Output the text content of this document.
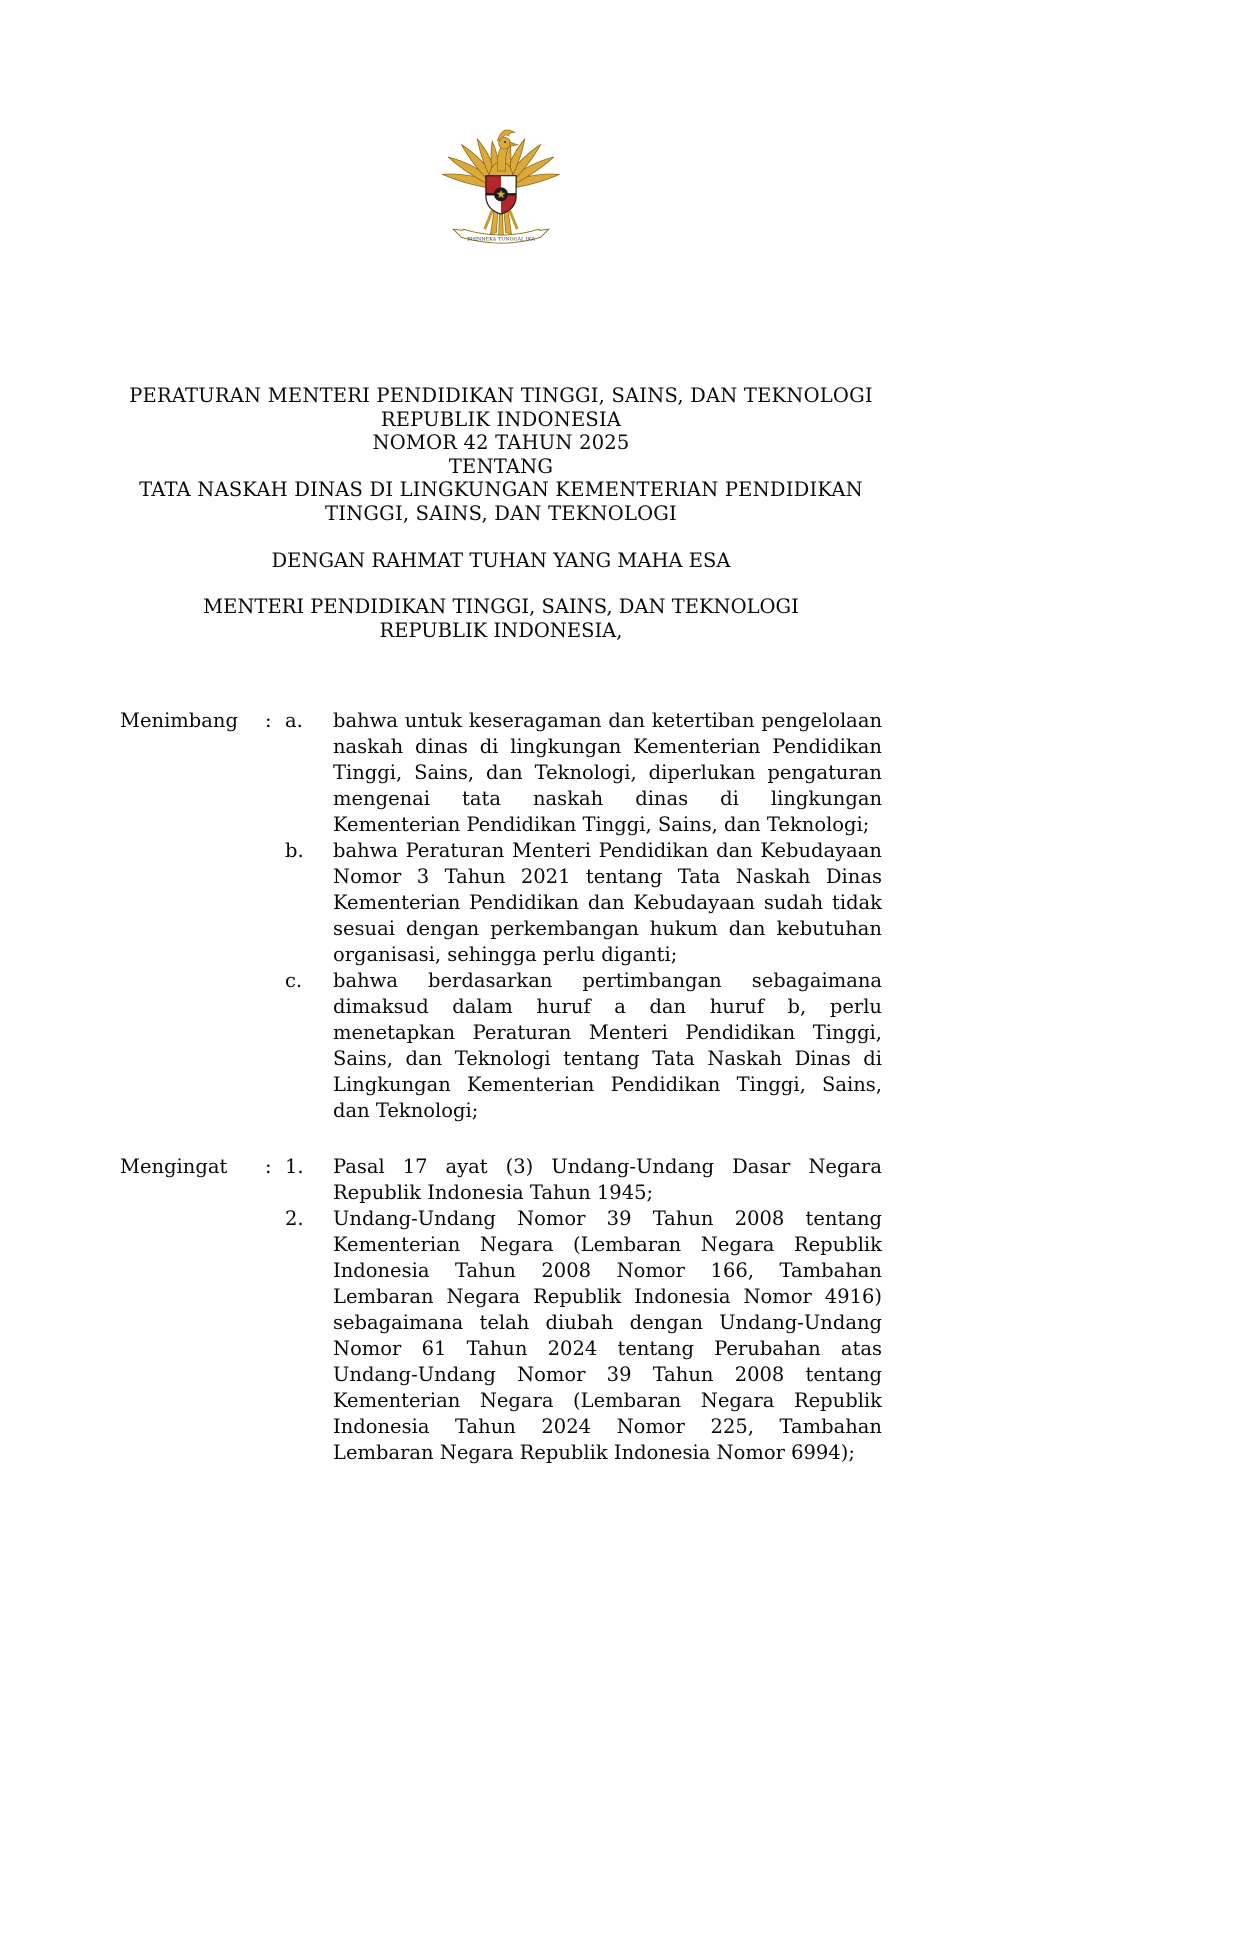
BHINNEKA TUNGGAL IKA
PERATURAN MENTERI PENDIDIKAN TINGGI, SAINS, DAN TEKNOLOGI
REPUBLIK INDONESIA
NOMOR 42 TAHUN 2025
TENTANG
TATA NASKAH DINAS DI LINGKUNGAN KEMENTERIAN PENDIDIKAN
TINGGI, SAINS, DAN TEKNOLOGI
DENGAN RAHMAT TUHAN YANG MAHA ESA
MENTERI PENDIDIKAN TINGGI, SAINS, DAN TEKNOLOGI
REPUBLIK INDONESIA,
Menimbang	: a.	bahwa untuk keseragaman dan ketertiban pengelolaan naskah dinas di lingkungan Kementerian Pendidikan Tinggi, Sains, dan Teknologi, diperlukan pengaturan mengenai tata naskah dinas di lingkungan Kementerian Pendidikan Tinggi, Sains, dan Teknologi;
b.	bahwa Peraturan Menteri Pendidikan dan Kebudayaan Nomor 3 Tahun 2021 tentang Tata Naskah Dinas Kementerian Pendidikan dan Kebudayaan sudah tidak sesuai dengan perkembangan hukum dan kebutuhan organisasi, sehingga perlu diganti;
c.	bahwa berdasarkan pertimbangan sebagaimana dimaksud dalam huruf a dan huruf b, perlu menetapkan Peraturan Menteri Pendidikan Tinggi, Sains, dan Teknologi tentang Tata Naskah Dinas di Lingkungan Kementerian Pendidikan Tinggi, Sains, dan Teknologi;
Mengingat	: 1.	Pasal 17 ayat (3) Undang-Undang Dasar Negara Republik Indonesia Tahun 1945;
2.	Undang-Undang Nomor 39 Tahun 2008 tentang Kementerian Negara (Lembaran Negara Republik Indonesia Tahun 2008 Nomor 166, Tambahan Lembaran Negara Republik Indonesia Nomor 4916) sebagaimana telah diubah dengan Undang-Undang Nomor 61 Tahun 2024 tentang Perubahan atas Undang-Undang Nomor 39 Tahun 2008 tentang Kementerian Negara (Lembaran Negara Republik Indonesia Tahun 2024 Nomor 225, Tambahan Lembaran Negara Republik Indonesia Nomor 6994);
